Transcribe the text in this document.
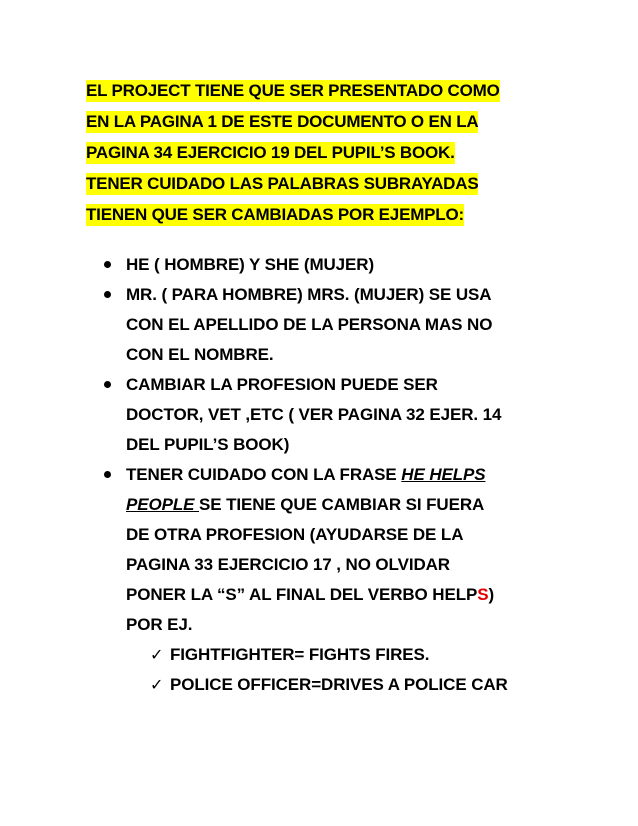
EL PROJECT TIENE QUE SER PRESENTADO COMO
EN LA PAGINA 1 DE ESTE DOCUMENTO O EN LA
PAGINA 34 EJERCICIO 19 DEL PUPIL’S BOOK.
TENER CUIDADO LAS PALABRAS SUBRAYADAS
TIENEN QUE SER CAMBIADAS POR EJEMPLO:
HE ( HOMBRE) Y SHE (MUJER)
MR. ( PARA HOMBRE) MRS. (MUJER) SE USA
CON EL APELLIDO DE LA PERSONA MAS NO
CON EL NOMBRE.
CAMBIAR LA PROFESION PUEDE SER
DOCTOR, VET ,ETC ( VER PAGINA 32 EJER. 14
DEL PUPIL’S BOOK)
TENER CUIDADO CON LA FRASE HE HELPS
PEOPLE SE TIENE QUE CAMBIAR SI FUERA
DE OTRA PROFESION (AYUDARSE DE LA
PAGINA 33 EJERCICIO 17 , NO OLVIDAR
PONER LA “S” AL FINAL DEL VERBO HELPS)
POR EJ.
✓ FIGHTFIGHTER= FIGHTS FIRES.
✓ POLICE OFFICER=DRIVES A POLICE CAR
